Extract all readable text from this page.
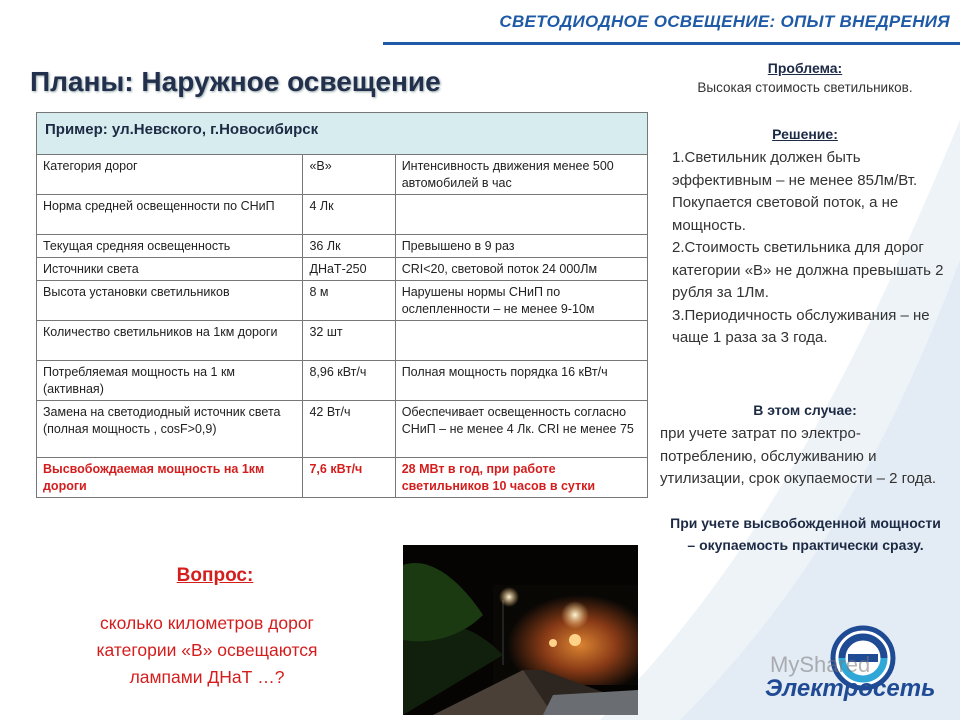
СВЕТОДИОДНОЕ ОСВЕЩЕНИЕ: ОПЫТ ВНЕДРЕНИЯ
Планы: Наружное освещение
Пример: ул.Невского, г.Новосибирск
Категория дорог	«В»	Интенсивность движения менее 500 автомобилей в час
Норма средней освещенности по СНиП	4 Лк	
Текущая средняя освещенность	36 Лк	Превышено в 9 раз
Источники света	ДНаТ-250	CRI<20, световой поток 24 000Лм
Высота установки светильников	8 м	Нарушены нормы СНиП по ослепленности – не менее 9-10м
Количество светильников на 1км дороги	32 шт	
Потребляемая мощность на 1 км (активная)	8,96 кВт/ч	Полная мощность порядка 16 кВт/ч
Замена на светодиодный источник света (полная мощность , cosF>0,9)	42 Вт/ч	Обеспечивает освещенность согласно СНиП – не менее 4 Лк. CRI не менее 75
Высвобождаемая мощность на 1км дороги	7,6 кВт/ч	28 МВт в год, при работе светильников 10 часов в сутки
Проблема:
Высокая стоимость светильников.
Решение:
1.Светильник должен быть эффективным – не менее 85Лм/Вт. Покупается световой поток, а не мощность.
2.Стоимость светильника для дорог категории «В» не должна превышать 2 рубля за 1Лм.
3.Периодичность обслуживания – не чаще 1 раза за 3 года.
В этом случае:
при учете затрат по электро-потреблению, обслуживанию и утилизации, срок окупаемости – 2 года.
При учете высвобожденной мощности – окупаемость практически сразу.
Вопрос:
сколько километров дорог категории «В» освещаются лампами ДНаТ …?	MyShared
Электросеть
